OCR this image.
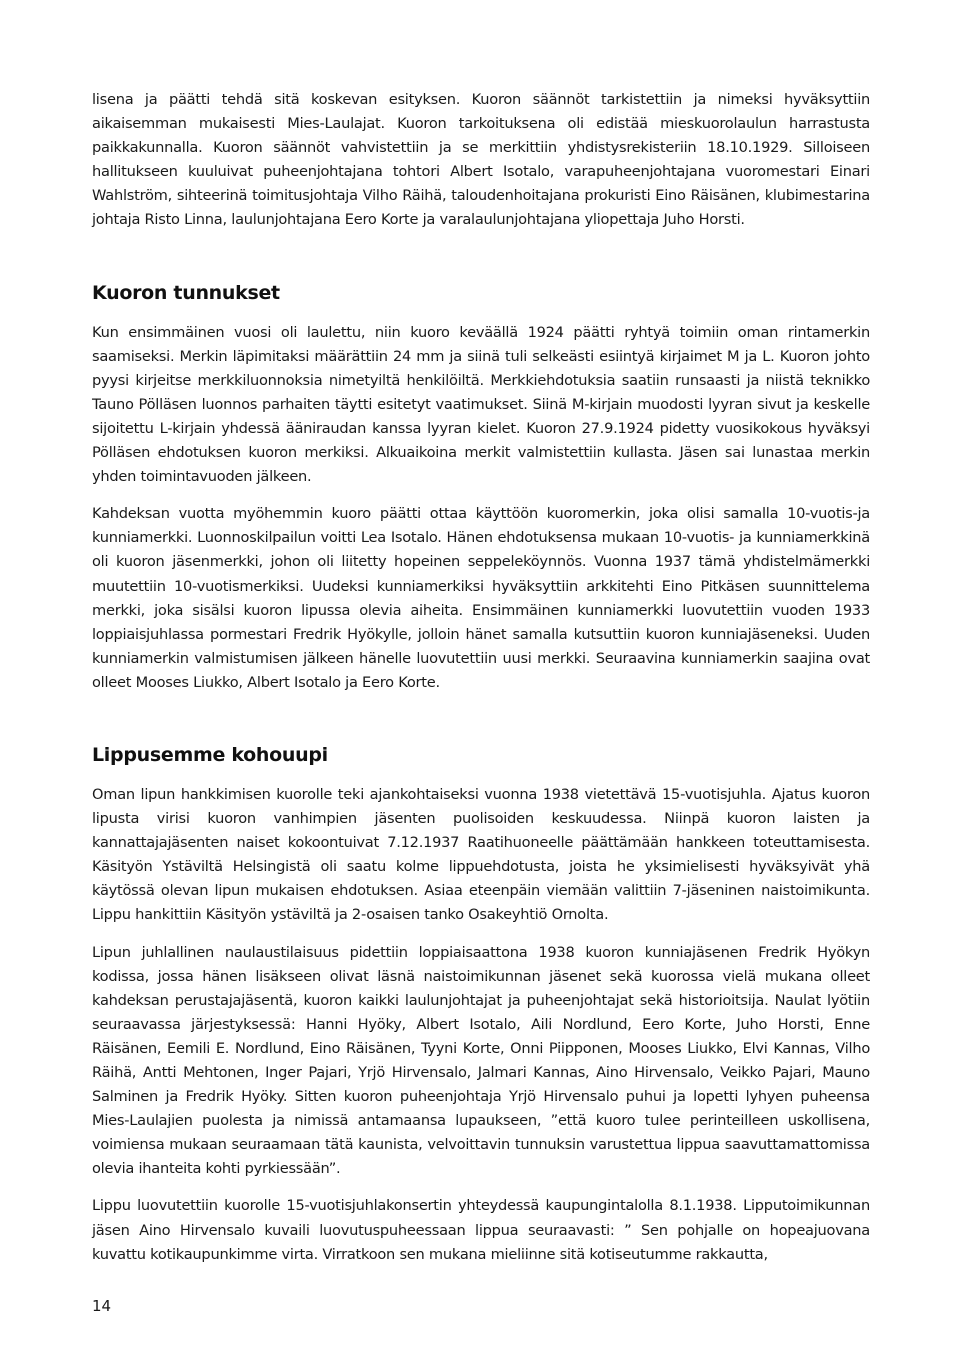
lisena ja päätti tehdä sitä koskevan esityksen. Kuoron säännöt tarkistettiin ja nimeksi hyväksyttiin aikaisemman mukaisesti Mies-Laulajat. Kuoron tarkoituksena oli edistää mieskuorolaulun harrastusta paikkakunnalla. Kuoron säännöt vahvistettiin ja se merkittiin yhdistysrekisteriin 18.10.1929. Silloiseen hallitukseen kuuluivat puheenjohtajana tohtori Albert Isotalo, varapuheenjohtajana vuoromestari Einari Wahlström, sihteerinä toimitusjohtaja Vilho Räihä, taloudenhoitajana prokuristi Eino Räisänen, klubimestarina johtaja Risto Linna, laulunjohtajana Eero Korte ja varalaulunjohtajana yliopettaja Juho Horsti.

Kuoron tunnukset

Kun ensimmäinen vuosi oli laulettu, niin kuoro keväällä 1924 päätti ryhtyä toimiin oman rintamerkin saamiseksi. Merkin läpimitaksi määrättiin 24 mm ja siinä tuli selkeästi esiintyä kirjaimet M ja L. Kuoron johto pyysi kirjeitse merkkiluonnoksia nimetyiltä henkilöiltä. Merkkiehdotuksia saatiin runsaasti ja niistä teknikko Tauno Pölläsen luonnos parhaiten täytti esitetyt vaatimukset. Siinä M-kirjain muodosti lyyran sivut ja keskelle sijoitettu L-kirjain yhdessä ääniraudan kanssa lyyran kielet. Kuoron 27.9.1924 pidetty vuosikokous hyväksyi Pölläsen ehdotuksen kuoron merkiksi. Alkuaikoina merkit valmistettiin kullasta. Jäsen sai lunastaa merkin yhden toimintavuoden jälkeen.

Kahdeksan vuotta myöhemmin kuoro päätti ottaa käyttöön kuoromerkin, joka olisi samalla 10-vuotis-ja kunniamerkki. Luonnoskilpailun voitti Lea Isotalo. Hänen ehdotuksensa mukaan 10-vuotis- ja kunniamerkkinä oli kuoron jäsenmerkki, johon oli liitetty hopeinen seppeleköynnös. Vuonna 1937 tämä yhdistelmämerkki muutettiin 10-vuotismerkiksi. Uudeksi kunniamerkiksi hyväksyttiin arkkitehti Eino Pitkäsen suunnittelema merkki, joka sisälsi kuoron lipussa olevia aiheita. Ensimmäinen kunniamerkki luovutettiin vuoden 1933 loppiaisjuhlassa pormestari Fredrik Hyökylle, jolloin hänet samalla kutsuttiin kuoron kunniajäseneksi. Uuden kunniamerkin valmistumisen jälkeen hänelle luovutettiin uusi merkki. Seuraavina kunniamerkin saajina ovat olleet Mooses Liukko, Albert Isotalo ja Eero Korte.

Lippusemme kohouupi

Oman lipun hankkimisen kuorolle teki ajankohtaiseksi vuonna 1938 vietettävä 15-vuotisjuhla. Ajatus kuoron lipusta virisi kuoron vanhimpien jäsenten puolisoiden keskuudessa. Niinpä kuoron laisten ja kannattajajäsenten naiset kokoontuivat 7.12.1937 Raatihuoneelle päättämään hankkeen toteuttamisesta. Käsityön Ystäviltä Helsingistä oli saatu kolme lippuehdotusta, joista he yksimielisesti hyväksyivät yhä käytössä olevan lipun mukaisen ehdotuksen. Asiaa eteenpäin viemään valittiin 7-jäseninen naistoimikunta. Lippu hankittiin Käsityön ystäviltä ja 2-osaisen tanko Osakeyhtiö Ornolta.

Lipun juhlallinen naulaustilaisuus pidettiin loppiaisaattona 1938 kuoron kunniajäsenen Fredrik Hyökyn kodissa, jossa hänen lisäkseen olivat läsnä naistoimikunnan jäsenet sekä kuorossa vielä mukana olleet kahdeksan perustajajäsentä, kuoron kaikki laulunjohtajat ja puheenjohtajat sekä historioitsija. Naulat lyötiin seuraavassa järjestyksessä: Hanni Hyöky, Albert Isotalo, Aili Nordlund, Eero Korte, Juho Horsti, Enne Räisänen, Eemili E. Nordlund, Eino Räisänen, Tyyni Korte, Onni Piipponen, Mooses Liukko, Elvi Kannas, Vilho Räihä, Antti Mehtonen, Inger Pajari, Yrjö Hirvensalo, Jalmari Kannas, Aino Hirvensalo, Veikko Pajari, Mauno Salminen ja Fredrik Hyöky. Sitten kuoron puheenjohtaja Yrjö Hirvensalo puhui ja lopetti lyhyen puheensa Mies-Laulajien puolesta ja nimissä antamaansa lupaukseen, ”että kuoro tulee perinteilleen uskollisena, voimiensa mukaan seuraamaan tätä kaunista, velvoittavin tunnuksin varustettua lippua saavuttamattomissa olevia ihanteita kohti pyrkiessään”.

Lippu luovutettiin kuorolle 15-vuotisjuhlakonsertin yhteydessä kaupungintalolla 8.1.1938. Lipputoimikunnan jäsen Aino Hirvensalo kuvaili luovutuspuheessaan lippua seuraavasti: ” Sen pohjalle on hopeajuovana kuvattu kotikaupunkimme virta. Virratkoon sen mukana mieliinne sitä kotiseutumme rakkautta,

14
